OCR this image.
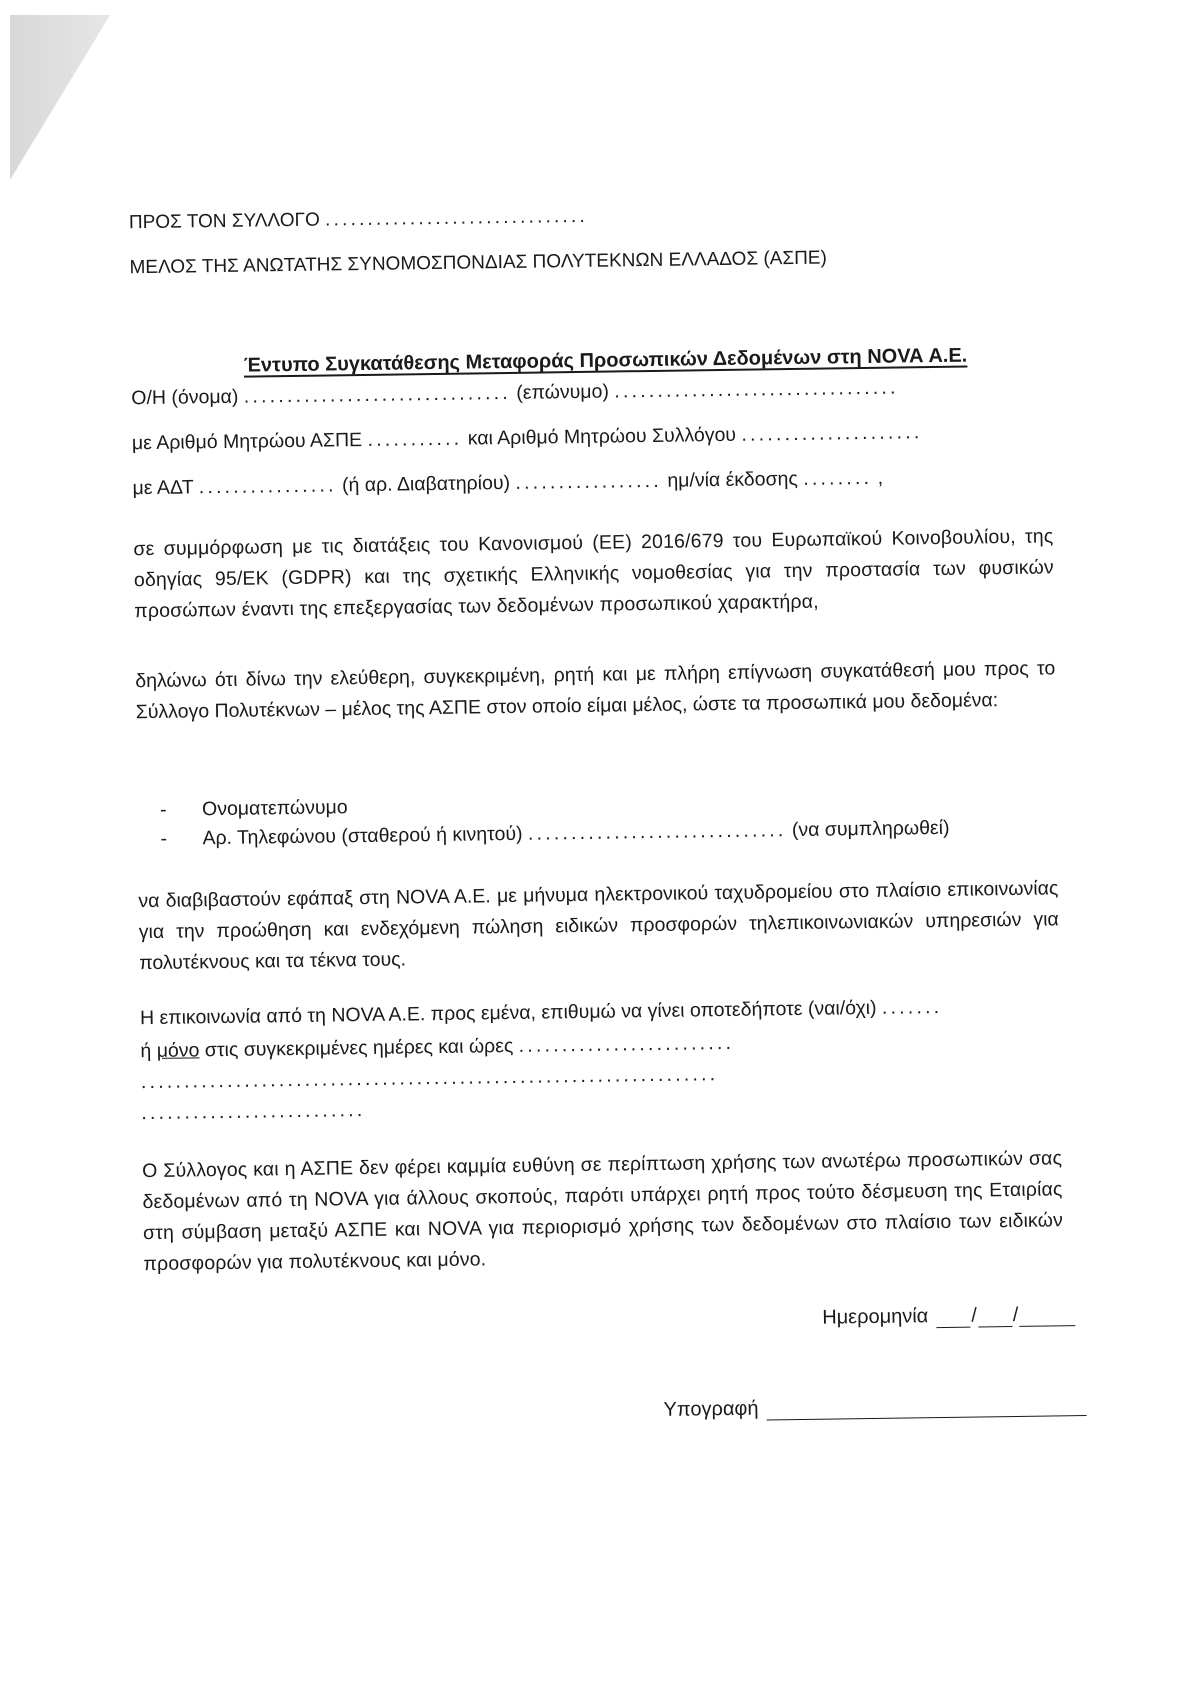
ΠΡΟΣ ΤΟΝ ΣΥΛΛΟΓΟ ...............................
ΜΕΛΟΣ ΤΗΣ ΑΝΩΤΑΤΗΣ ΣΥΝΟΜΟΣΠΟΝΔΙΑΣ ΠΟΛΥΤΕΚΝΩΝ ΕΛΛΑΔΟΣ (ΑΣΠΕ)
Έντυπο Συγκατάθεσης Μεταφοράς Προσωπικών Δεδομένων στη NOVA Α.Ε.
Ο/Η (όνομα) ............................... (επώνυμο) .................................
με Αριθμό Μητρώου ΑΣΠΕ ........... και Αριθμό Μητρώου Συλλόγου .....................
με ΑΔΤ ................ (ή αρ. Διαβατηρίου) ................. ημ/νία έκδοσης ........ ,
σε συμμόρφωση με τις διατάξεις του Κανονισμού (ΕΕ) 2016/679 του Ευρωπαϊκού Κοινοβουλίου, της οδηγίας 95/ΕΚ (GDPR) και της σχετικής Ελληνικής νομοθεσίας για την προστασία των φυσικών προσώπων έναντι της επεξεργασίας των δεδομένων προσωπικού χαρακτήρα,
δηλώνω ότι δίνω την ελεύθερη, συγκεκριμένη, ρητή και με πλήρη επίγνωση συγκατάθεσή μου προς το Σύλλογο Πολυτέκνων – μέλος της ΑΣΠΕ στον οποίο είμαι μέλος, ώστε τα προσωπικά μου δεδομένα:
-	Ονοματεπώνυμο
-	Αρ. Τηλεφώνου (σταθερού ή κινητού) .............................. (να συμπληρωθεί)
να διαβιβαστούν εφάπαξ στη NOVA A.E. με μήνυμα ηλεκτρονικού ταχυδρομείου στο πλαίσιο επικοινωνίας για την προώθηση και ενδεχόμενη πώληση ειδικών προσφορών τηλεπικοινωνιακών υπηρεσιών για πολυτέκνους και τα τέκνα τους.
Η επικοινωνία από τη NOVA A.E. προς εμένα, επιθυμώ να γίνει οποτεδήποτε (ναι/όχι) .......
ή μόνο στις συγκεκριμένες ημέρες και ώρες .........................
...................................................................
..........................
Ο Σύλλογος και η ΑΣΠΕ δεν φέρει καμμία ευθύνη σε περίπτωση χρήσης των ανωτέρω προσωπικών σας δεδομένων από τη NOVA για άλλους σκοπούς, παρότι υπάρχει ρητή προς τούτο δέσμευση της Εταιρίας στη σύμβαση μεταξύ ΑΣΠΕ και NOVA για περιορισμό χρήσης των δεδομένων στο πλαίσιο των ειδικών προσφορών για πολυτέκνους και μόνο.
Ημερομηνία / /
Υπογραφή
